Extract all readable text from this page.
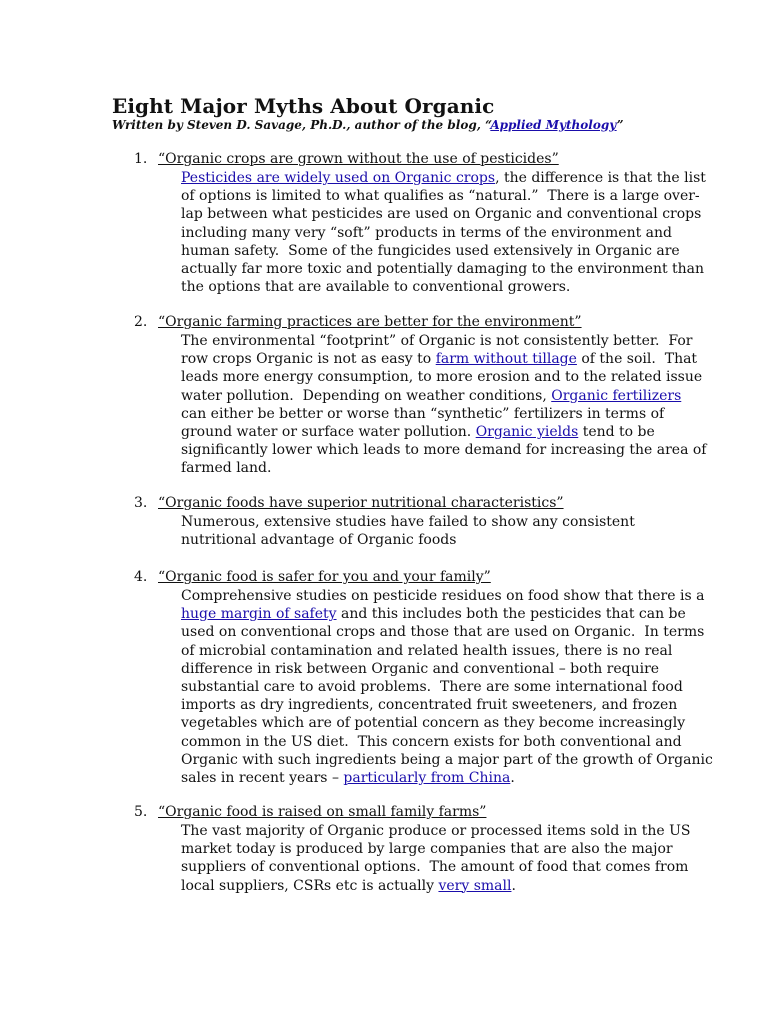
Eight Major Myths About Organic
Written by Steven D. Savage, Ph.D., author of the blog, “Applied Mythology”
1. “Organic crops are grown without the use of pesticides”
Pesticides are widely used on Organic crops, the difference is that the list
of options is limited to what qualifies as “natural.”  There is a large over-
lap between what pesticides are used on Organic and conventional crops
including many very “soft” products in terms of the environment and
human safety.  Some of the fungicides used extensively in Organic are
actually far more toxic and potentially damaging to the environment than
the options that are available to conventional growers.
2. “Organic farming practices are better for the environment”
The environmental “footprint” of Organic is not consistently better.  For
row crops Organic is not as easy to farm without tillage of the soil.  That
leads more energy consumption, to more erosion and to the related issue
water pollution.  Depending on weather conditions, Organic fertilizers
can either be better or worse than “synthetic” fertilizers in terms of
ground water or surface water pollution. Organic yields tend to be
significantly lower which leads to more demand for increasing the area of
farmed land.
3. “Organic foods have superior nutritional characteristics”
Numerous, extensive studies have failed to show any consistent
nutritional advantage of Organic foods
4. “Organic food is safer for you and your family”
Comprehensive studies on pesticide residues on food show that there is a
huge margin of safety and this includes both the pesticides that can be
used on conventional crops and those that are used on Organic.  In terms
of microbial contamination and related health issues, there is no real
difference in risk between Organic and conventional – both require
substantial care to avoid problems.  There are some international food
imports as dry ingredients, concentrated fruit sweeteners, and frozen
vegetables which are of potential concern as they become increasingly
common in the US diet.  This concern exists for both conventional and
Organic with such ingredients being a major part of the growth of Organic
sales in recent years – particularly from China.
5. “Organic food is raised on small family farms”
The vast majority of Organic produce or processed items sold in the US
market today is produced by large companies that are also the major
suppliers of conventional options.  The amount of food that comes from
local suppliers, CSRs etc is actually very small.
